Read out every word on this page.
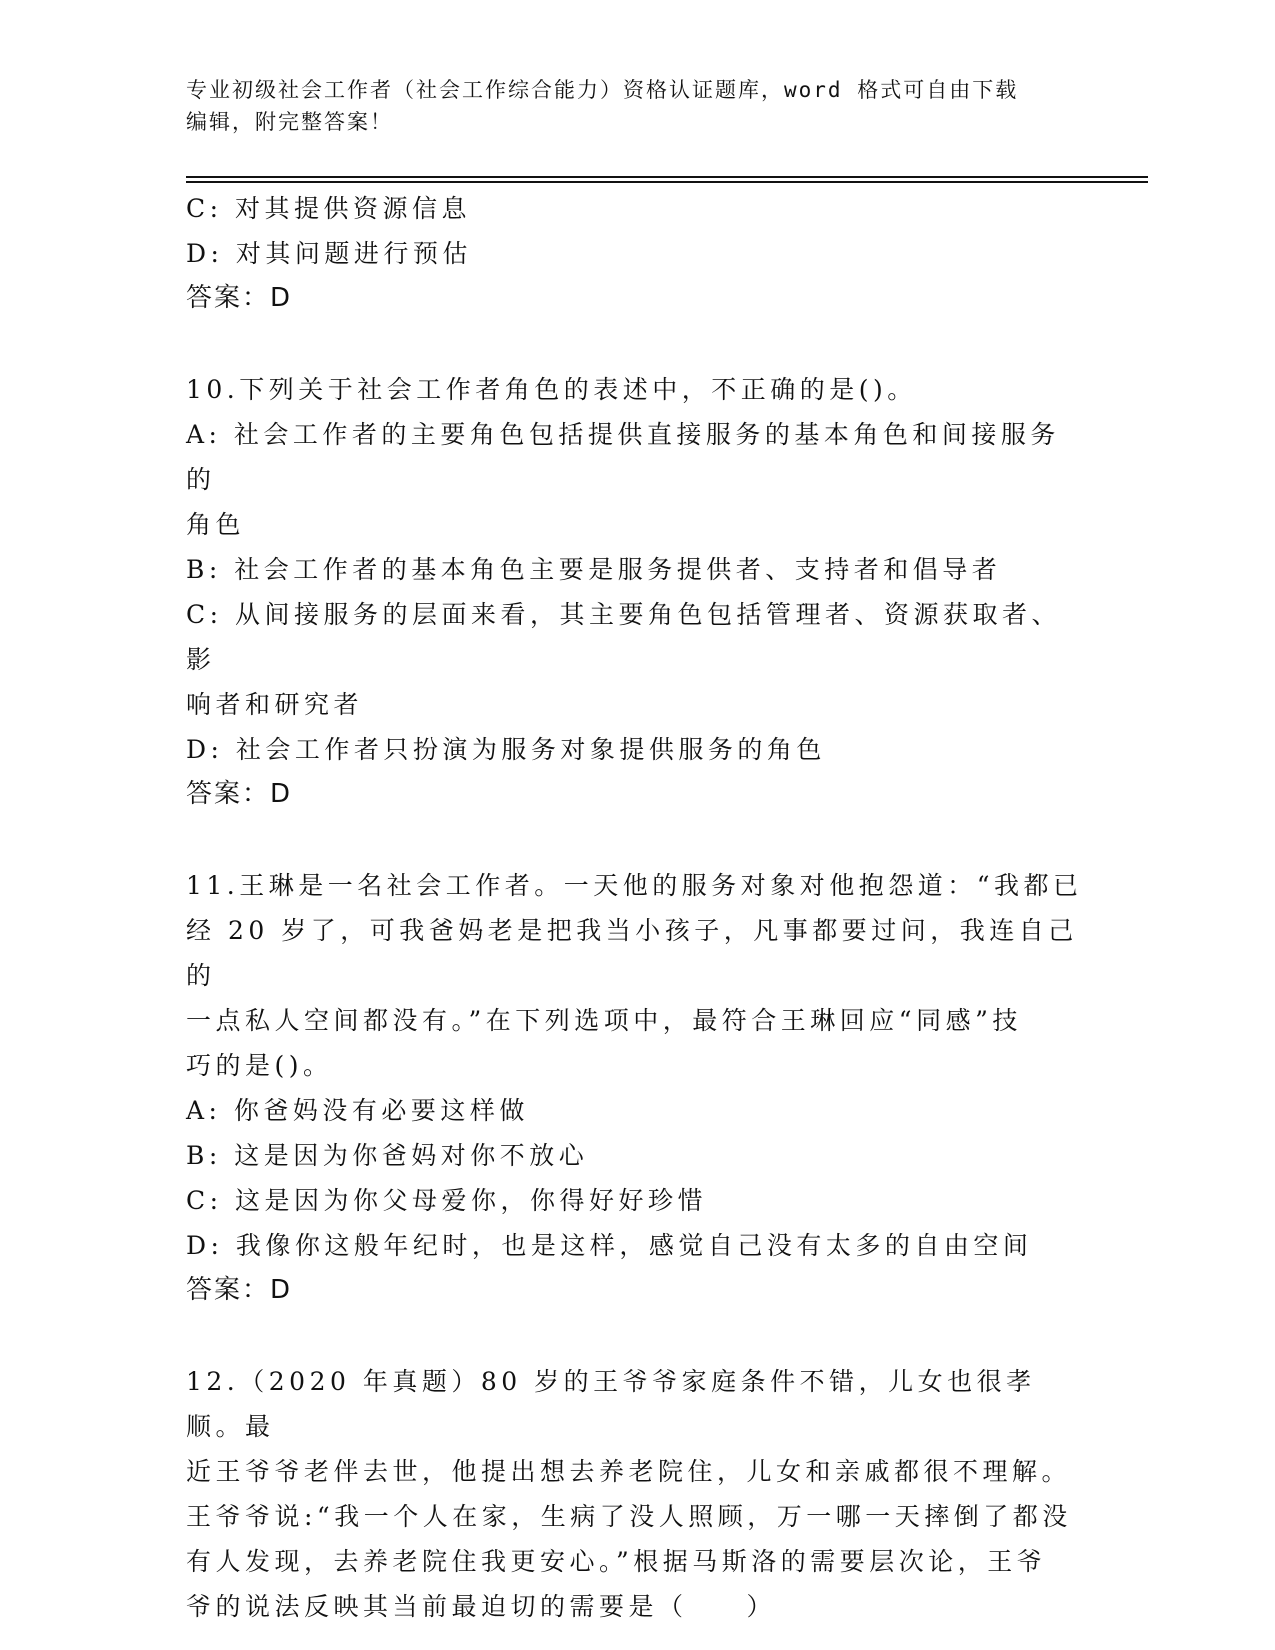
专业初级社会工作者（社会工作综合能力）资格认证题库，word 格式可自由下载
编辑，附完整答案！
C: 对其提供资源信息
D: 对其问题进行预估
答案：D
10.下列关于社会工作者角色的表述中，不正确的是()。
A: 社会工作者的主要角色包括提供直接服务的基本角色和间接服务的
角色
B: 社会工作者的基本角色主要是服务提供者、支持者和倡导者
C: 从间接服务的层面来看，其主要角色包括管理者、资源获取者、影
响者和研究者
D: 社会工作者只扮演为服务对象提供服务的角色
答案：D
11.王琳是一名社会工作者。一天他的服务对象对他抱怨道：“我都已
经 20 岁了，可我爸妈老是把我当小孩子，凡事都要过问，我连自己的
一点私人空间都没有。”在下列选项中，最符合王琳回应“同感”技
巧的是()。
A: 你爸妈没有必要这样做
B: 这是因为你爸妈对你不放心
C: 这是因为你父母爱你，你得好好珍惜
D: 我像你这般年纪时，也是这样，感觉自己没有太多的自由空间
答案：D
12.（2020 年真题）80 岁的王爷爷家庭条件不错，儿女也很孝顺。最
近王爷爷老伴去世，他提出想去养老院住，儿女和亲戚都很不理解。
王爷爷说:“我一个人在家，生病了没人照顾，万一哪一天摔倒了都没
有人发现，去养老院住我更安心。”根据马斯洛的需要层次论，王爷
爷的说法反映其当前最迫切的需要是（　　）
